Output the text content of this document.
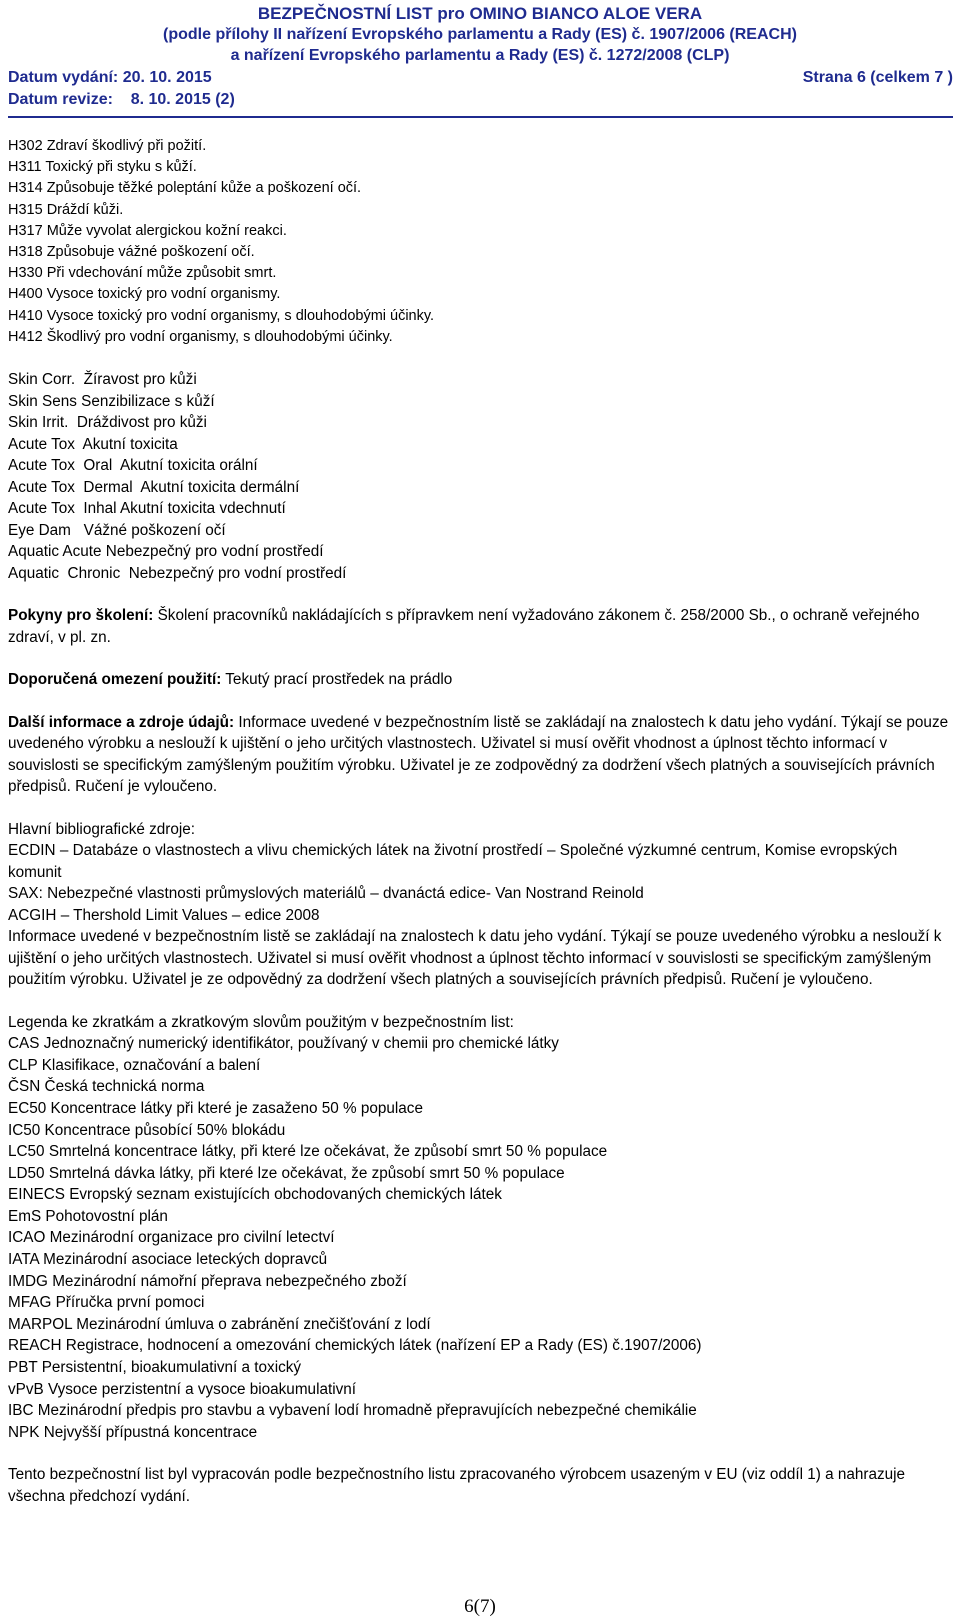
BEZPEČNOSTNÍ LIST pro OMINO BIANCO ALOE VERA
(podle přílohy II nařízení Evropského parlamentu a Rady (ES) č. 1907/2006 (REACH)
a nařízení Evropského parlamentu a Rady (ES) č. 1272/2008 (CLP)
Datum vydání: 20. 10. 2015	Strana 6 (celkem 7 )
Datum revize:    8. 10. 2015 (2)
H302 Zdraví škodlivý při požití.
H311 Toxický při styku s kůží.
H314 Způsobuje těžké poleptání kůže a poškození očí.
H315 Dráždí kůži.
H317 Může vyvolat alergickou kožní reakci.
H318 Způsobuje vážné poškození očí.
H330 Při vdechování může způsobit smrt.
H400 Vysoce toxický pro vodní organismy.
H410 Vysoce toxický pro vodní organismy, s dlouhodobými účinky.
H412 Škodlivý pro vodní organismy, s dlouhodobými účinky.
Skin Corr.  Žíravost pro kůži
Skin Sens Senzibilizace s kůží
Skin Irrit.  Dráždivost pro kůži
Acute Tox  Akutní toxicita
Acute Tox  Oral  Akutní toxicita orální
Acute Tox  Dermal  Akutní toxicita dermální
Acute Tox  Inhal Akutní toxicita vdechnutí
Eye Dam   Vážné poškození očí
Aquatic Acute Nebezpečný pro vodní prostředí
Aquatic  Chronic  Nebezpečný pro vodní prostředí
Pokyny pro školení: Školení pracovníků nakládajících s přípravkem není vyžadováno zákonem č. 258/2000 Sb., o ochraně veřejného zdraví, v pl. zn.
Doporučená omezení použití: Tekutý prací prostředek na prádlo
Další informace a zdroje údajů: Informace uvedené v bezpečnostním listě se zakládají na znalostech k datu jeho vydání. Týkají se pouze uvedeného výrobku a neslouží k ujištění o jeho určitých vlastnostech. Uživatel si musí ověřit vhodnost a úplnost těchto informací v souvislosti se specifickým zamýšleným použitím výrobku. Uživatel je ze zodpovědný za dodržení všech platných a souvisejících právních předpisů. Ručení je vyloučeno.
Hlavní bibliografické zdroje:
ECDIN – Databáze o vlastnostech a vlivu chemických látek na životní prostředí – Společné výzkumné centrum, Komise evropských komunit
SAX: Nebezpečné vlastnosti průmyslových materiálů – dvanáctá edice- Van Nostrand Reinold
ACGIH – Thershold Limit Values – edice 2008
Informace uvedené v bezpečnostním listě se zakládají na znalostech k datu jeho vydání. Týkají se pouze uvedeného výrobku a neslouží k ujištění o jeho určitých vlastnostech. Uživatel si musí ověřit vhodnost a úplnost těchto informací v souvislosti se specifickým zamýšleným použitím výrobku. Uživatel je ze odpovědný za dodržení všech platných a souvisejících právních předpisů. Ručení je vyloučeno.
Legenda ke zkratkám a zkratkovým slovům použitým v bezpečnostním list:
CAS Jednoznačný numerický identifikátor, používaný v chemii pro chemické látky
CLP Klasifikace, označování a balení
ČSN Česká technická norma
EC50 Koncentrace látky při které je zasaženo 50 % populace
IC50 Koncentrace působící 50% blokádu
LC50 Smrtelná koncentrace látky, při které lze očekávat, že způsobí smrt 50 % populace
LD50 Smrtelná dávka látky, při které lze očekávat, že způsobí smrt 50 % populace
EINECS Evropský seznam existujících obchodovaných chemických látek
EmS Pohotovostní plán
ICAO Mezinárodní organizace pro civilní letectví
IATA Mezinárodní asociace leteckých dopravců
IMDG Mezinárodní námořní přeprava nebezpečného zboží
MFAG Příručka první pomoci
MARPOL Mezinárodní úmluva o zabránění znečišťování z lodí
REACH Registrace, hodnocení a omezování chemických látek (nařízení EP a Rady (ES) č.1907/2006)
PBT Persistentní, bioakumulativní a toxický
vPvB Vysoce perzistentní a vysoce bioakumulativní
IBC Mezinárodní předpis pro stavbu a vybavení lodí hromadně přepravujících nebezpečné chemikálie
NPK Nejvyšší přípustná koncentrace
Tento bezpečnostní list byl vypracován podle bezpečnostního listu zpracovaného výrobcem usazeným v EU (viz oddíl 1) a nahrazuje všechna předchozí vydání.
6(7)
